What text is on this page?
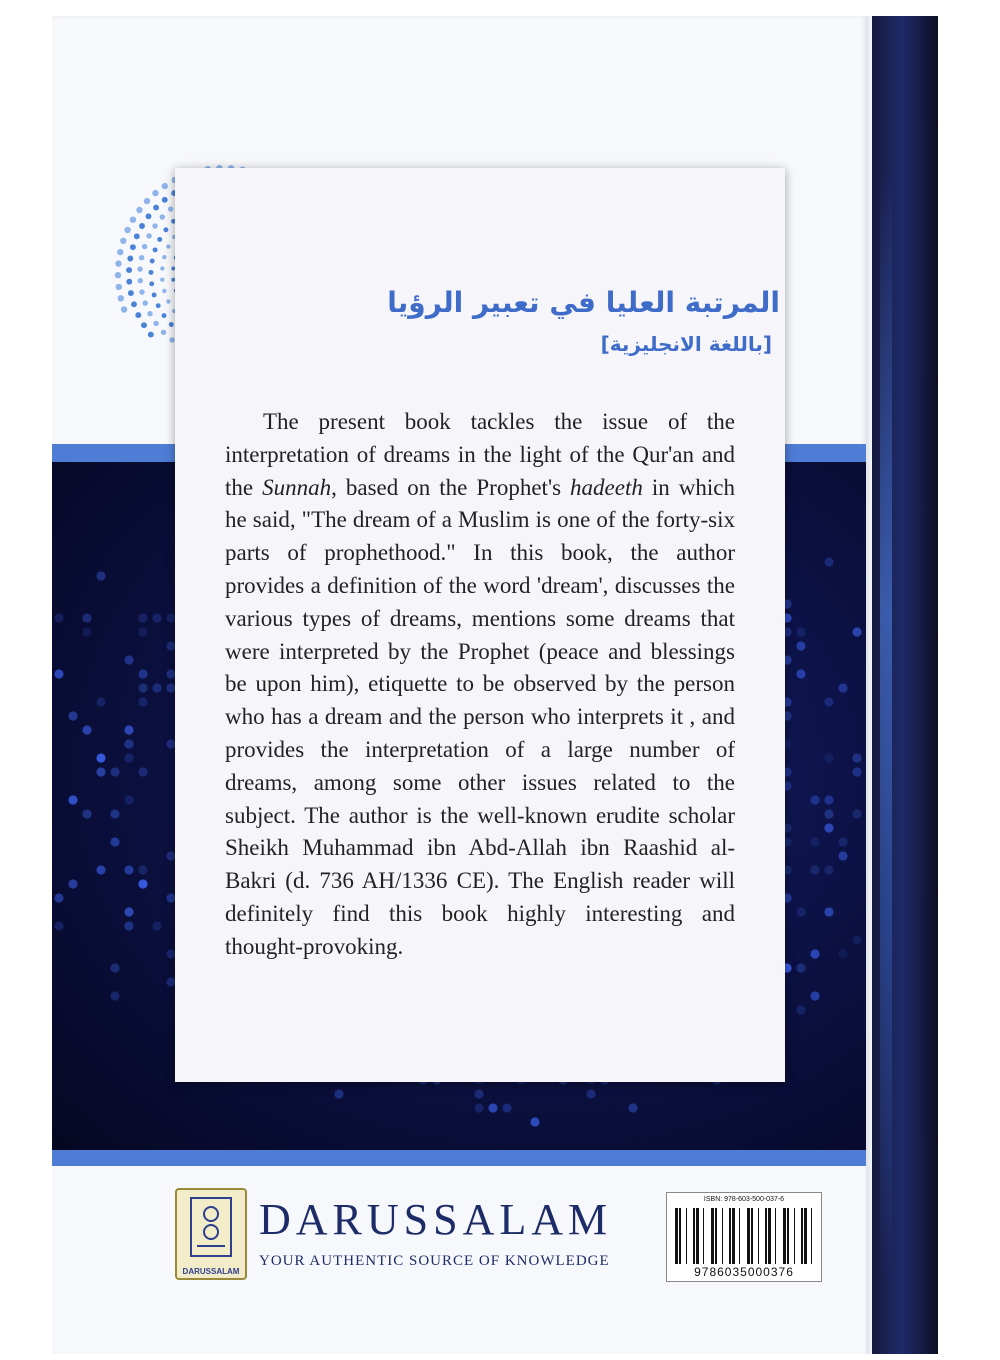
المرتبة العليا في تعبير الرؤيا
[باللغة الانجليزية]

The present book tackles the issue of the interpretation of dreams in the light of the Qur'an and the Sunnah, based on the Prophet's hadeeth in which he said, "The dream of a Muslim is one of the forty-six parts of prophethood." In this book, the author provides a definition of the word 'dream', discusses the various types of dreams, mentions some dreams that were interpreted by the Prophet (peace and blessings be upon him), etiquette to be observed by the person who has a dream and the person who interprets it , and provides the interpretation of a large number of dreams, among some other issues related to the subject. The author is the well-known erudite scholar Sheikh Muhammad ibn Abd-Allah ibn Raashid al-Bakri (d. 736 AH/1336 CE). The English reader will definitely find this book highly interesting and thought-provoking.

DARUSSALAM
DARUSSALAM
YOUR AUTHENTIC SOURCE OF KNOWLEDGE
ISBN: 978-603-500-037-6
9786035000376
